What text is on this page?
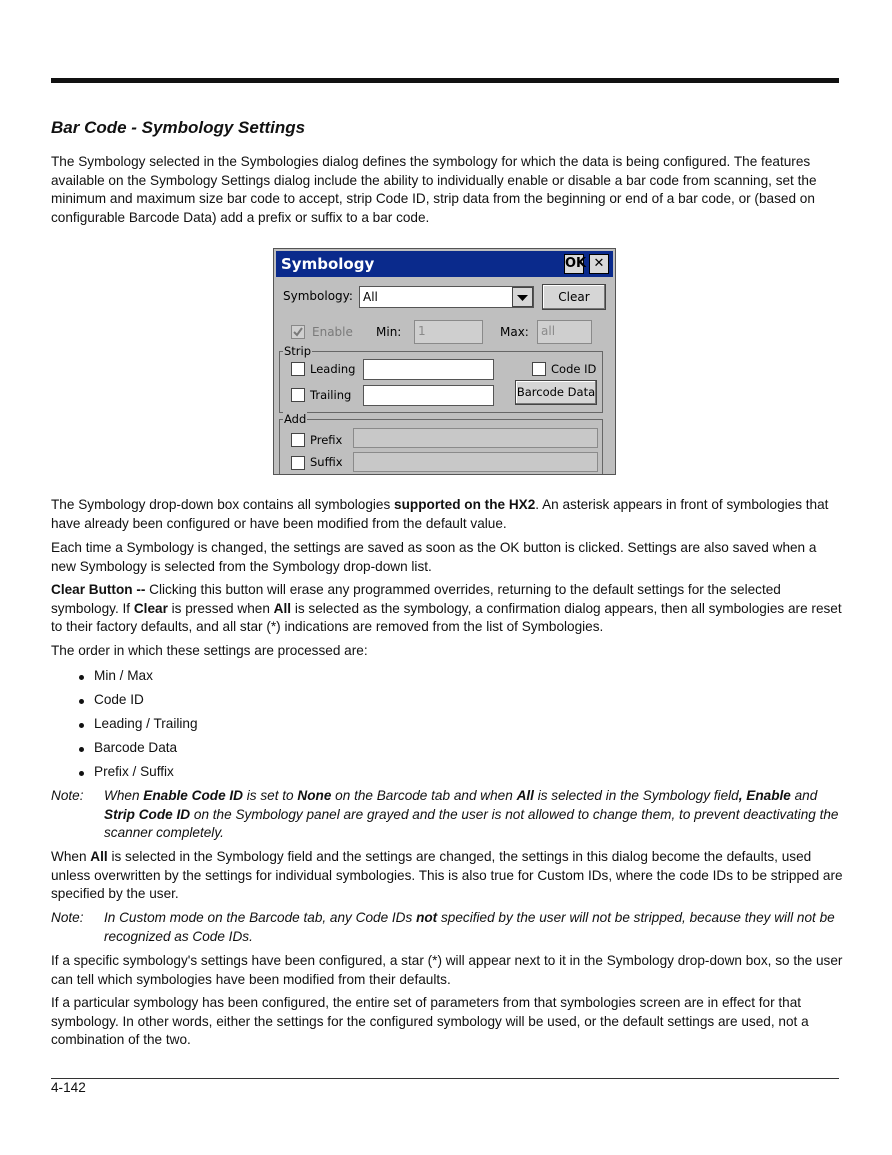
Bar Code - Symbology Settings

The Symbology selected in the Symbologies dialog defines the symbology for which the data is being configured. The features available on the Symbology Settings dialog include the ability to individually enable or disable a bar code from scanning, set the minimum and maximum size bar code to accept, strip Code ID, strip data from the beginning or end of a bar code, or (based on configurable Barcode Data) add a prefix or suffix to a bar code.

Symbology	OK ✕
Symbology: All	Clear
Enable Min:	1	Max:	all
Strip
Leading	Code ID
Trailing	Barcode Data
Add
Prefix
Suffix

The Symbology drop-down box contains all symbologies supported on the HX2. An asterisk appears in front of symbologies that have already been configured or have been modified from the default value.

Each time a Symbology is changed, the settings are saved as soon as the OK button is clicked. Settings are also saved when a new Symbology is selected from the Symbology drop-down list.

Clear Button -- Clicking this button will erase any programmed overrides, returning to the default settings for the selected symbology. If Clear is pressed when All is selected as the symbology, a confirmation dialog appears, then all symbologies are reset to their factory defaults, and all star (*) indications are removed from the list of Symbologies.

The order in which these settings are processed are:

Min / Max
Code ID
Leading / Trailing
Barcode Data
Prefix / Suffix
Note: When Enable Code ID is set to None on the Barcode tab and when All is selected in the Symbology field, Enable and Strip Code ID on the Symbology panel are grayed and the user is not allowed to change them, to prevent deactivating the scanner completely.

When All is selected in the Symbology field and the settings are changed, the settings in this dialog become the defaults, used unless overwritten by the settings for individual symbologies. This is also true for Custom IDs, where the code IDs to be stripped are specified by the user.

Note: In Custom mode on the Barcode tab, any Code IDs not specified by the user will not be stripped, because they will not be recognized as Code IDs.

If a specific symbology's settings have been configured, a star (*) will appear next to it in the Symbology drop-down box, so the user can tell which symbologies have been modified from their defaults.

If a particular symbology has been configured, the entire set of parameters from that symbologies screen are in effect for that symbology. In other words, either the settings for the configured symbology will be used, or the default settings are used, not a combination of the two.

4-142
